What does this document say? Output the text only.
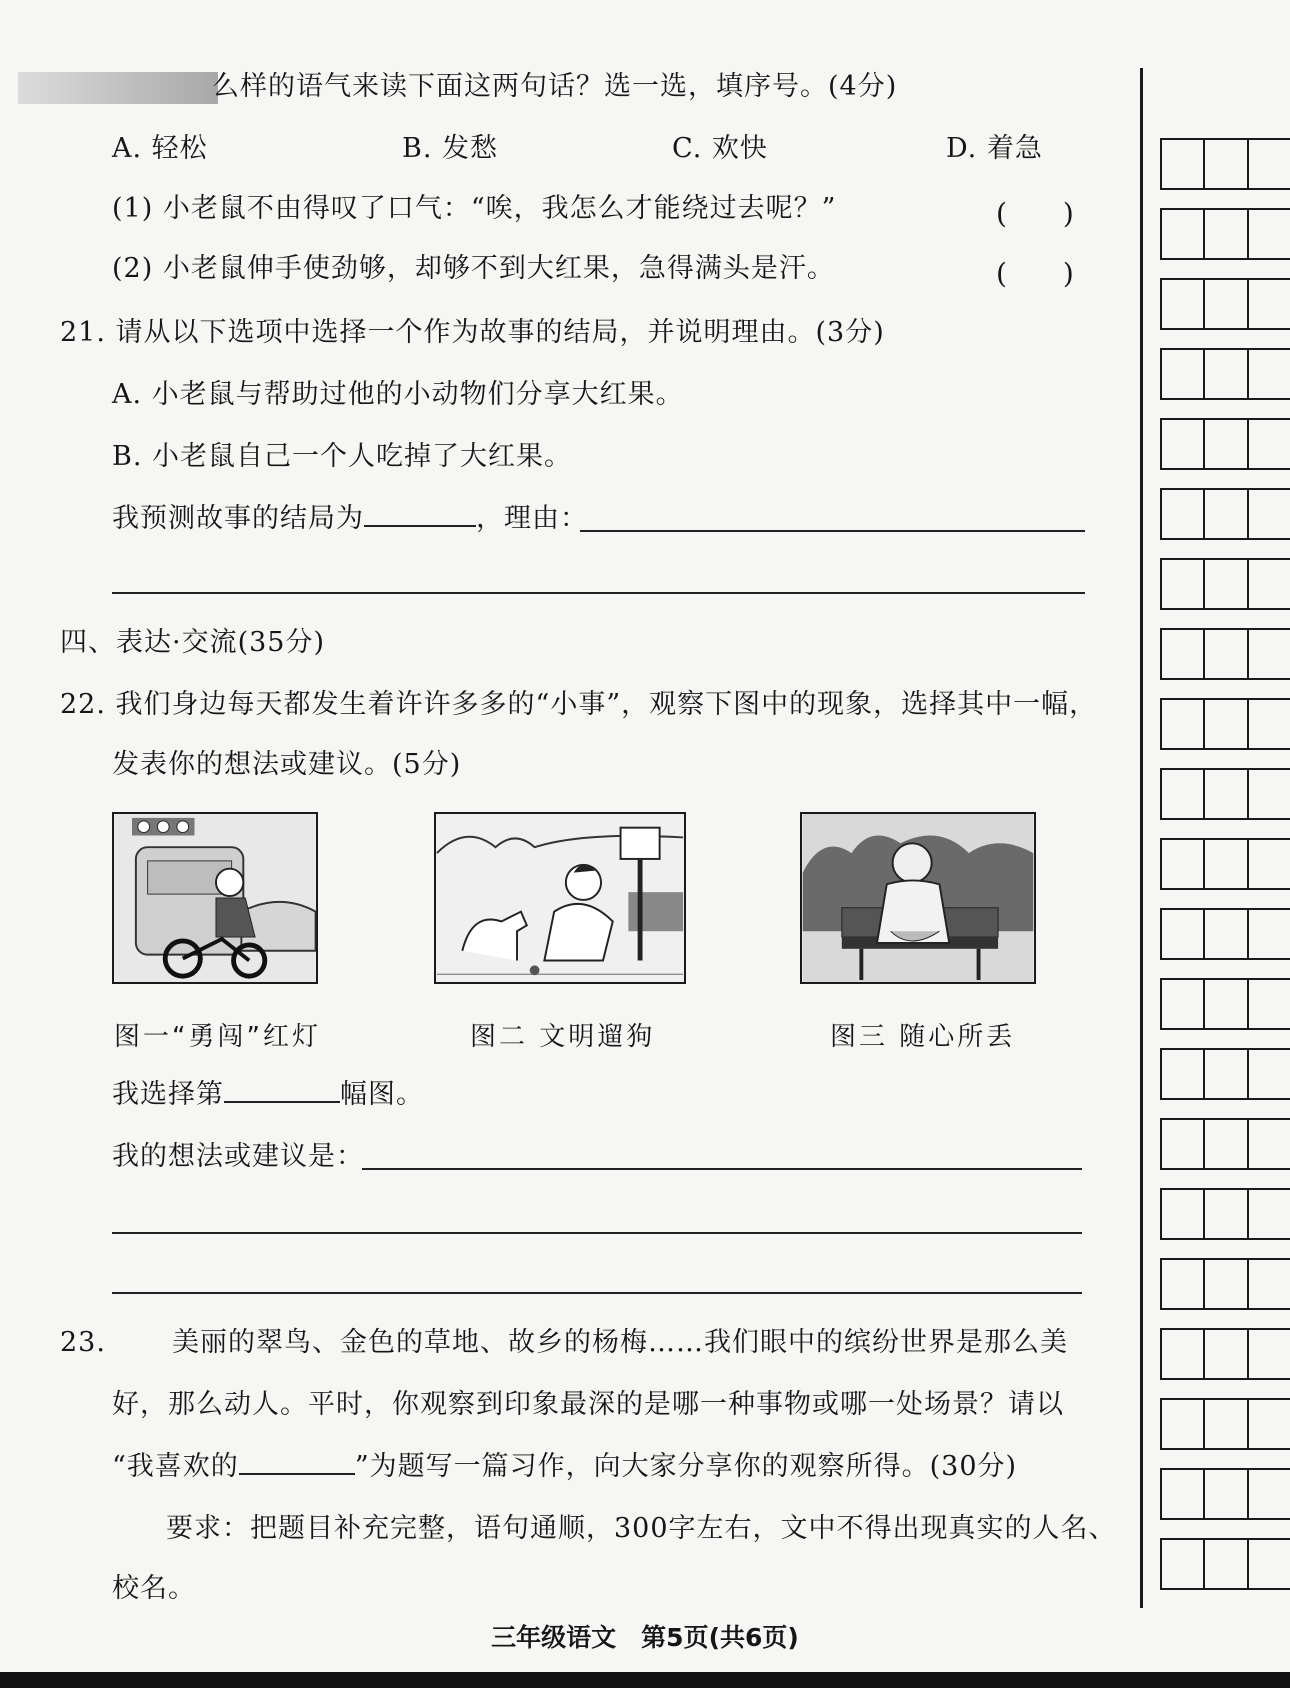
么样的语气来读下面这两句话？选一选，填序号。(4分)
A. 轻松	B. 发愁	C. 欢快	D. 着急
(1) 小老鼠不由得叹了口气：“唉，我怎么才能绕过去呢？”	(　　)
(2) 小老鼠伸手使劲够，却够不到大红果，急得满头是汗。	(　　)
21. 请从以下选项中选择一个作为故事的结局，并说明理由。(3分)
A. 小老鼠与帮助过他的小动物们分享大红果。
B. 小老鼠自己一个人吃掉了大红果。
我预测故事的结局为	，理由：
四、表达·交流(35分)
22. 我们身边每天都发生着许许多多的“小事”，观察下图中的现象，选择其中一幅，
发表你的想法或建议。(5分)
图一“勇闯”红灯	图二 文明遛狗	图三 随心所丢
我选择第	幅图。
我的想法或建议是：
23. 美丽的翠鸟、金色的草地、故乡的杨梅……我们眼中的缤纷世界是那么美
好，那么动人。平时，你观察到印象最深的是哪一种事物或哪一处场景？请以
“我喜欢的	”为题写一篇习作，向大家分享你的观察所得。(30分)
要求：把题目补充完整，语句通顺，300字左右，文中不得出现真实的人名、
校名。
三年级语文　第5页(共6页)
